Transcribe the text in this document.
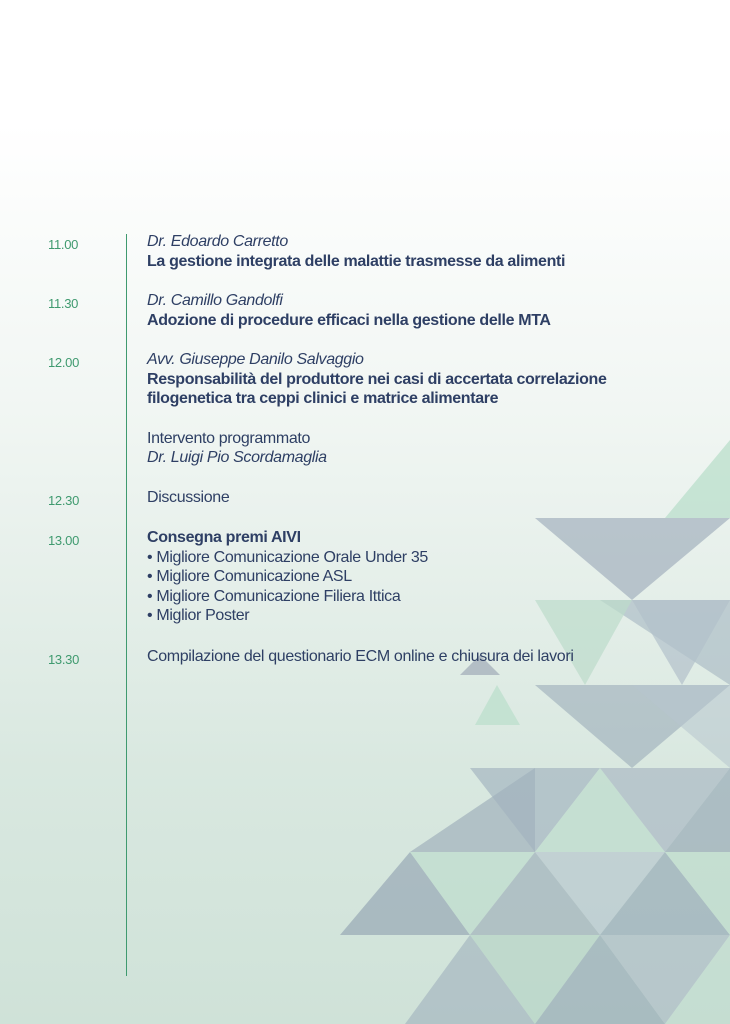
11.00	Dr. Edoardo Carretto
La gestione integrata delle malattie trasmesse da alimenti
11.30	Dr. Camillo Gandolfi
Adozione di procedure efficaci nella gestione delle MTA
12.00	Avv. Giuseppe Danilo Salvaggio
Responsabilità del produttore nei casi di accertata correlazione
filogenetica tra ceppi clinici e matrice alimentare
Intervento programmato
Dr. Luigi Pio Scordamaglia
12.30	Discussione
13.00	Consegna premi AIVI
• Migliore Comunicazione Orale Under 35
• Migliore Comunicazione ASL
• Migliore Comunicazione Filiera Ittica
• Miglior Poster
13.30	Compilazione del questionario ECM online e chiusura dei lavori
